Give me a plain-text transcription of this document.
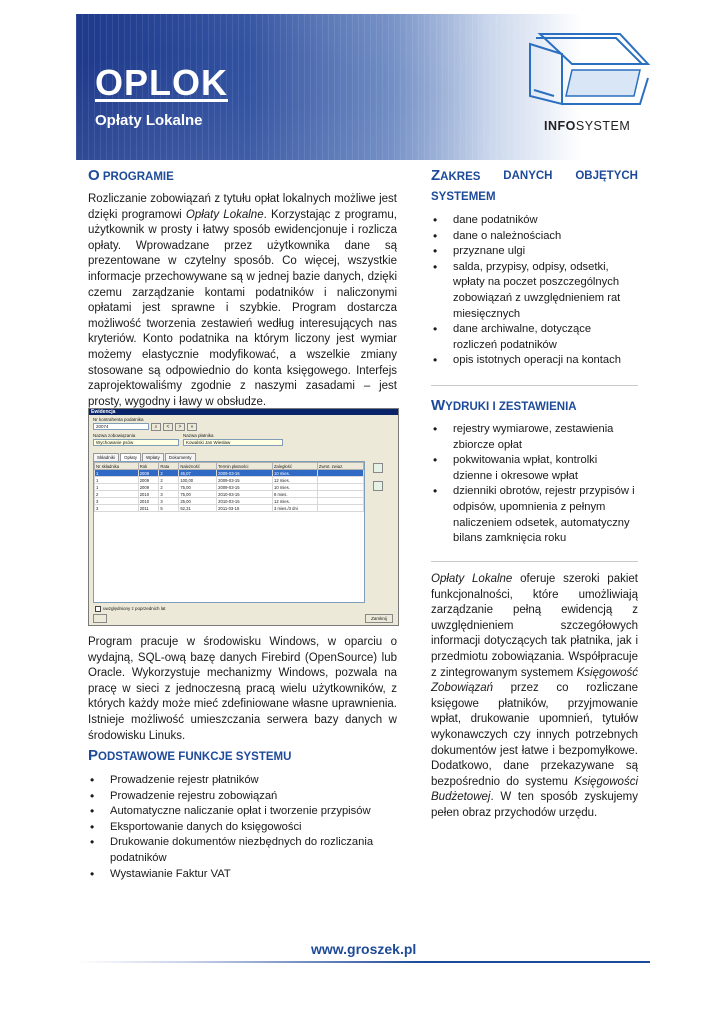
OPLOK
Opłaty Lokalne	INFOSYSTEM
O PROGRAMIE

Rozliczanie zobowiązań z tytułu opłat lokalnych możliwe jest dzięki programowi Opłaty Lokalne. Korzystając z programu, użytkownik w prosty i łatwy sposób ewidencjonuje i rozlicza opłaty. Wprowadzane przez użytkownika dane są prezentowane w czytelny sposób. Co więcej, wszystkie informacje przechowywane są w jednej bazie danych, dzięki czemu zarządzanie kontami podatników i naliczonymi opłatami jest sprawne i szybkie. Program dostarcza możliwość tworzenia zestawień według interesujących nas kryteriów. Konto podatnika na którym liczony jest wymiar możemy elastycznie modyfikować, a wszelkie zmiany stosowane są odpowiednio do konta księgowego. Interfejs zaprojektowaliśmy zgodnie z naszymi zasadami – jest prosty, wygodny i ławy w obsłudze.

Ewidencja
Nr kontrahenta podatnika
20074	⌕	<	>	»
Nazwa zobowiązania
Wychowanie psów
Nazwa płatnika
Kowalski Jan Wiesław
Składniki Opłaty Wpłaty Dokumenty
Nr składnika	Rok	Rata	Należność	Termin płatności	Zaległość	Zwrot. zwiaz.
1	2009	2	45,07	2009-03-15	10 mies.	
1	2009	2	100,00	2009-03-15	12 mies.	
1	2009	2	75,00	2009-03-15	10 mies.	
2	2010	3	75,00	2010-03-15	8 mies.	
3	2010	3	25,00	2010-03-15	12 mies.	
3	2011	5	52,31	2011-03-15	3 mies./3 dni	
uwzględniony z poprzednich lat
Zamknij

Program pracuje w środowisku Windows, w oparciu o wydajną, SQL-ową bazę danych Firebird (OpenSource) lub Oracle. Wykorzystuje mechanizmy Windows, pozwala na pracę w sieci z jednoczesną pracą wielu użytkowników, z których każdy może mieć zdefiniowane własne uprawnienia. Istnieje możliwość umieszczania serwera bazy danych w środowisku Linuks.

PODSTAWOWE FUNKCJE SYSTEMU
• Prowadzenie rejestr płatników
• Prowadzenie rejestru zobowiązań
• Automatyczne naliczanie opłat i tworzenie przypisów
• Eksportowanie danych do księgowości
• Drukowanie dokumentów niezbędnych do rozliczania podatników
• Wystawianie Faktur VAT
ZAKRES DANYCH OBJĘTYCH
SYSTEMEM
• dane podatników
• dane o należnościach
• przyznane ulgi
• salda, przypisy, odpisy, odsetki, wpłaty na poczet poszczególnych zobowiązań z uwzględnieniem rat miesięcznych
• dane archiwalne, dotyczące rozliczeń podatników
• opis istotnych operacji na kontach
WYDRUKI I ZESTAWIENIA
• rejestry wymiarowe, zestawienia zbiorcze opłat
• pokwitowania wpłat, kontrolki dzienne i okresowe wpłat
• dzienniki obrotów, rejestr przypisów i odpisów, upomnienia z pełnym naliczeniem odsetek, automatyczny bilans zamknięcia roku

Opłaty Lokalne oferuje szeroki pakiet funkcjonalności, które umożliwiają zarządzanie pełną ewidencją z uwzględnieniem szczegółowych informacji dotyczących tak płatnika, jak i przedmiotu zobowiązania. Współpracuje z zintegrowanym systemem Księgowość Zobowiązań przez co rozliczane księgowe płatników, przyjmowanie wpłat, drukowanie upomnień, tytułów wykonawczych czy innych potrzebnych dokumentów jest łatwe i bezpomyłkowe. Dodatkowo, dane przekazywane są bezpośrednio do systemu Księgowości Budżetowej. W ten sposób zyskujemy pełen obraz przychodów urzędu.

www.groszek.pl
